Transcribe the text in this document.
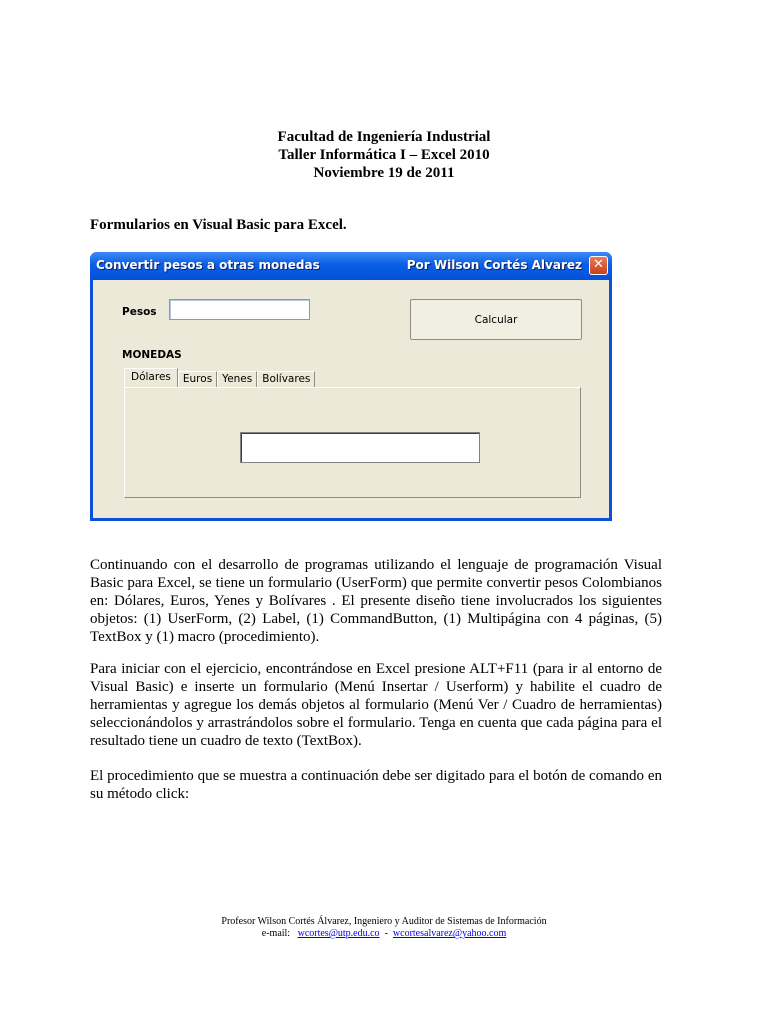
Facultad de Ingeniería Industrial
Taller Informática I – Excel 2010
Noviembre 19 de 2011
Formularios en Visual Basic para Excel.
Convertir pesos a otras monedas	Por Wilson Cortés Alvarez ✕
Pesos
Calcular
MONEDAS
Dólares	Euros Yenes Bolívares
Continuando con el desarrollo de programas utilizando el lenguaje de programación Visual Basic para Excel, se tiene un formulario (UserForm) que permite convertir pesos Colombianos en: Dólares, Euros, Yenes y Bolívares . El presente diseño tiene involucrados los siguientes objetos: (1) UserForm, (2) Label, (1) CommandButton, (1) Multipágina con 4 páginas, (5) TextBox y (1) macro (procedimiento).
Para iniciar con el ejercicio, encontrándose en Excel presione ALT+F11 (para ir al entorno de Visual Basic) e inserte un formulario (Menú Insertar / Userform) y habilite el cuadro de herramientas y agregue los demás objetos al formulario (Menú Ver / Cuadro de herramientas) seleccionándolos y arrastrándolos sobre el formulario. Tenga en cuenta que cada página para el resultado tiene un cuadro de texto (TextBox).
El procedimiento que se muestra a continuación debe ser digitado para el botón de comando en su método click:
Profesor Wilson Cortés Álvarez, Ingeniero y Auditor de Sistemas de Información
e-mail: wcortes@utp.edu.co - wcortesalvarez@yahoo.com
